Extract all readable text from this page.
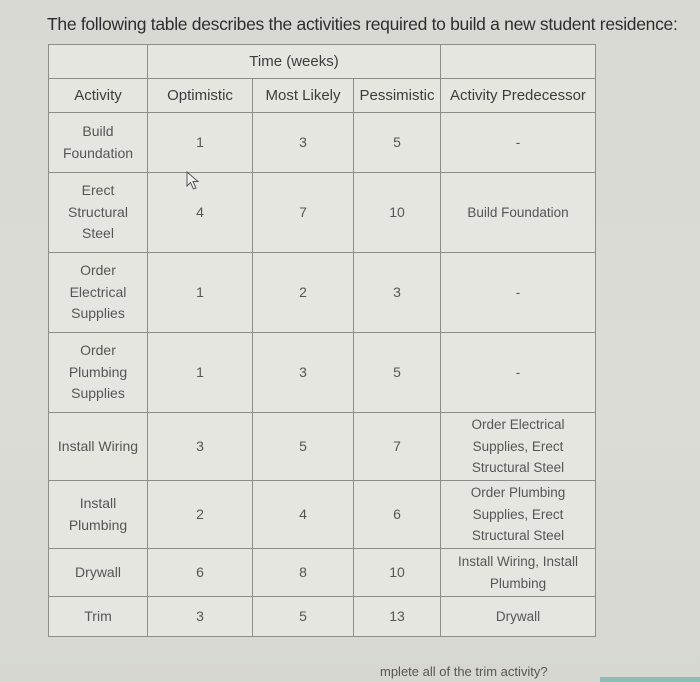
The following table describes the activities required to build a new student residence:
	Time (weeks)			
Activity	Optimistic	Most Likely	Pessimistic	Activity Predecessor
Build Foundation	1	3	5	-
Erect Structural Steel	4	7	10	Build Foundation
Order Electrical Supplies	1	2	3	-
Order Plumbing Supplies	1	3	5	-
Install Wiring	3	5	7	Order Electrical Supplies, Erect Structural Steel
Install Plumbing	2	4	6	Order Plumbing Supplies, Erect Structural Steel
Drywall	6	8	10	Install Wiring, Install Plumbing
Trim	3	5	13	Drywall
mplete all of the trim activity?
